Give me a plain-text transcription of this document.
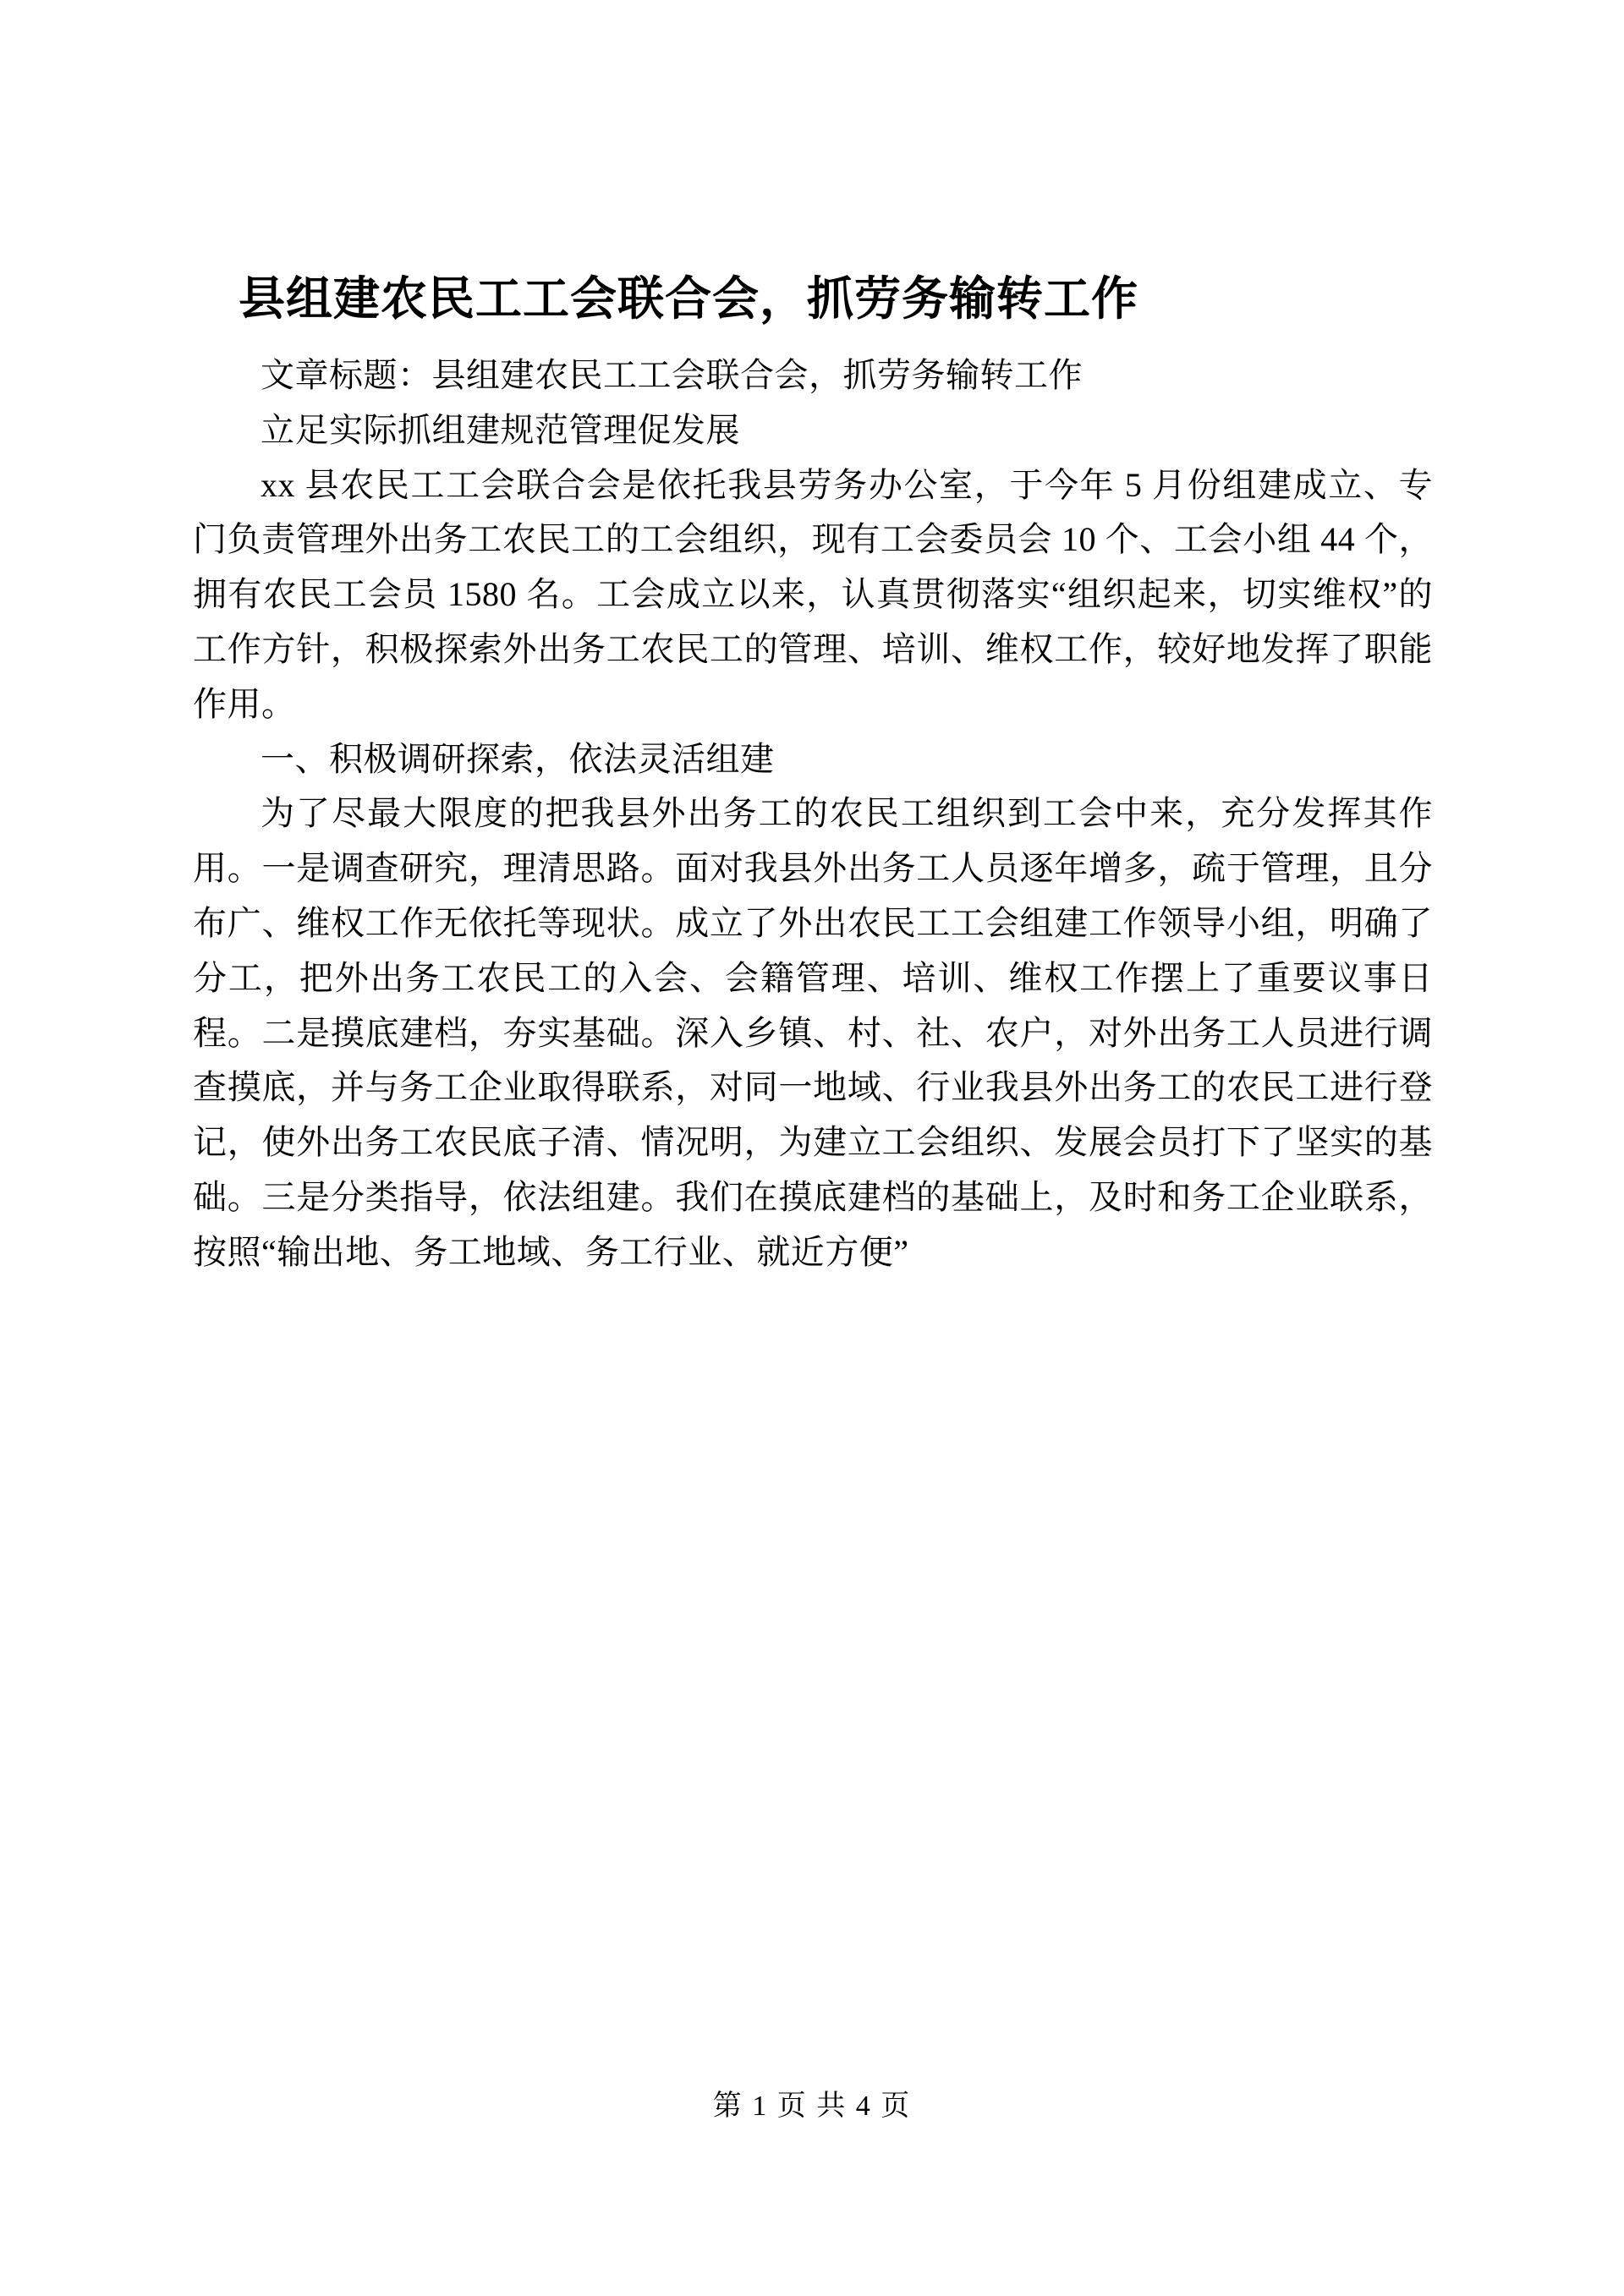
县组建农民工工会联合会，抓劳务输转工作

文章标题：县组建农民工工会联合会，抓劳务输转工作

立足实际抓组建规范管理促发展

xx 县农民工工会联合会是依托我县劳务办公室，于今年 5 月份组建成立、专门负责管理外出务工农民工的工会组织，现有工会委员会 10 个、工会小组 44 个，拥有农民工会员 1580 名。工会成立以来，认真贯彻落实“组织起来，切实维权”的工作方针，积极探索外出务工农民工的管理、培训、维权工作，较好地发挥了职能作用。

一、积极调研探索，依法灵活组建

为了尽最大限度的把我县外出务工的农民工组织到工会中来，充分发挥其作用。一是调查研究，理清思路。面对我县外出务工人员逐年增多，疏于管理，且分布广、维权工作无依托等现状。成立了外出农民工工会组建工作领导小组，明确了分工，把外出务工农民工的入会、会籍管理、培训、维权工作摆上了重要议事日程。二是摸底建档，夯实基础。深入乡镇、村、社、农户，对外出务工人员进行调查摸底，并与务工企业取得联系，对同一地域、行业我县外出务工的农民工进行登记，使外出务工农民底子清、情况明，为建立工会组织、发展会员打下了坚实的基础。三是分类指导，依法组建。我们在摸底建档的基础上，及时和务工企业联系，按照“输出地、务工地域、务工行业、就近方便”

第 1 页 共 4 页
